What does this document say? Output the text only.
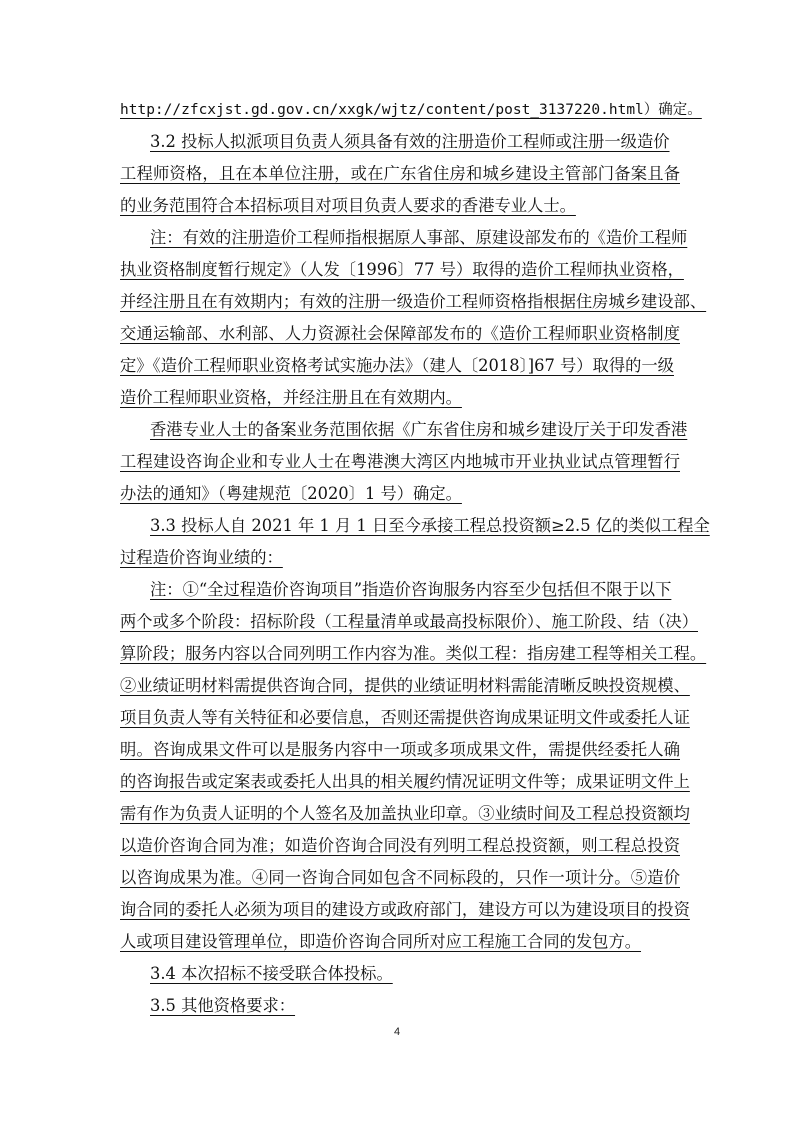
http://zfcxjst.gd.gov.cn/xxgk/wjtz/content/post_3137220.html）确定。
3.2 投标人拟派项目负责人须具备有效的注册造价工程师或注册一级造价
工程师资格，且在本单位注册，或在广东省住房和城乡建设主管部门备案且备
的业务范围符合本招标项目对项目负责人要求的香港专业人士。
注：有效的注册造价工程师指根据原人事部、原建设部发布的《造价工程师
执业资格制度暂行规定》（人发〔1996〕77 号）取得的造价工程师执业资格，
并经注册且在有效期内；有效的注册一级造价工程师资格指根据住房城乡建设部、
交通运输部、水利部、人力资源社会保障部发布的《造价工程师职业资格制度
定》《造价工程师职业资格考试实施办法》（建人〔2018〕]67 号）取得的一级
造价工程师职业资格，并经注册且在有效期内。
香港专业人士的备案业务范围依据《广东省住房和城乡建设厅关于印发香港
工程建设咨询企业和专业人士在粤港澳大湾区内地城市开业执业试点管理暂行
办法的通知》（粤建规范〔2020〕1 号）确定。
3.3 投标人自 2021 年 1 月 1 日至今承接工程总投资额≥2.5 亿的类似工程全
过程造价咨询业绩的：
注：①“全过程造价咨询项目”指造价咨询服务内容至少包括但不限于以下
两个或多个阶段：招标阶段（工程量清单或最高投标限价）、施工阶段、结（决）
算阶段；服务内容以合同列明工作内容为准。类似工程：指房建工程等相关工程。
②业绩证明材料需提供咨询合同，提供的业绩证明材料需能清晰反映投资规模、
项目负责人等有关特征和必要信息，否则还需提供咨询成果证明文件或委托人证
明。咨询成果文件可以是服务内容中一项或多项成果文件，需提供经委托人确
的咨询报告或定案表或委托人出具的相关履约情况证明文件等；成果证明文件上
需有作为负责人证明的个人签名及加盖执业印章。③业绩时间及工程总投资额均
以造价咨询合同为准；如造价咨询合同没有列明工程总投资额，则工程总投资
以咨询成果为准。④同一咨询合同如包含不同标段的，只作一项计分。⑤造价
询合同的委托人必须为项目的建设方或政府部门，建设方可以为建设项目的投资
人或项目建设管理单位，即造价咨询合同所对应工程施工合同的发包方。
3.4 本次招标不接受联合体投标。
3.5 其他资格要求：
4
